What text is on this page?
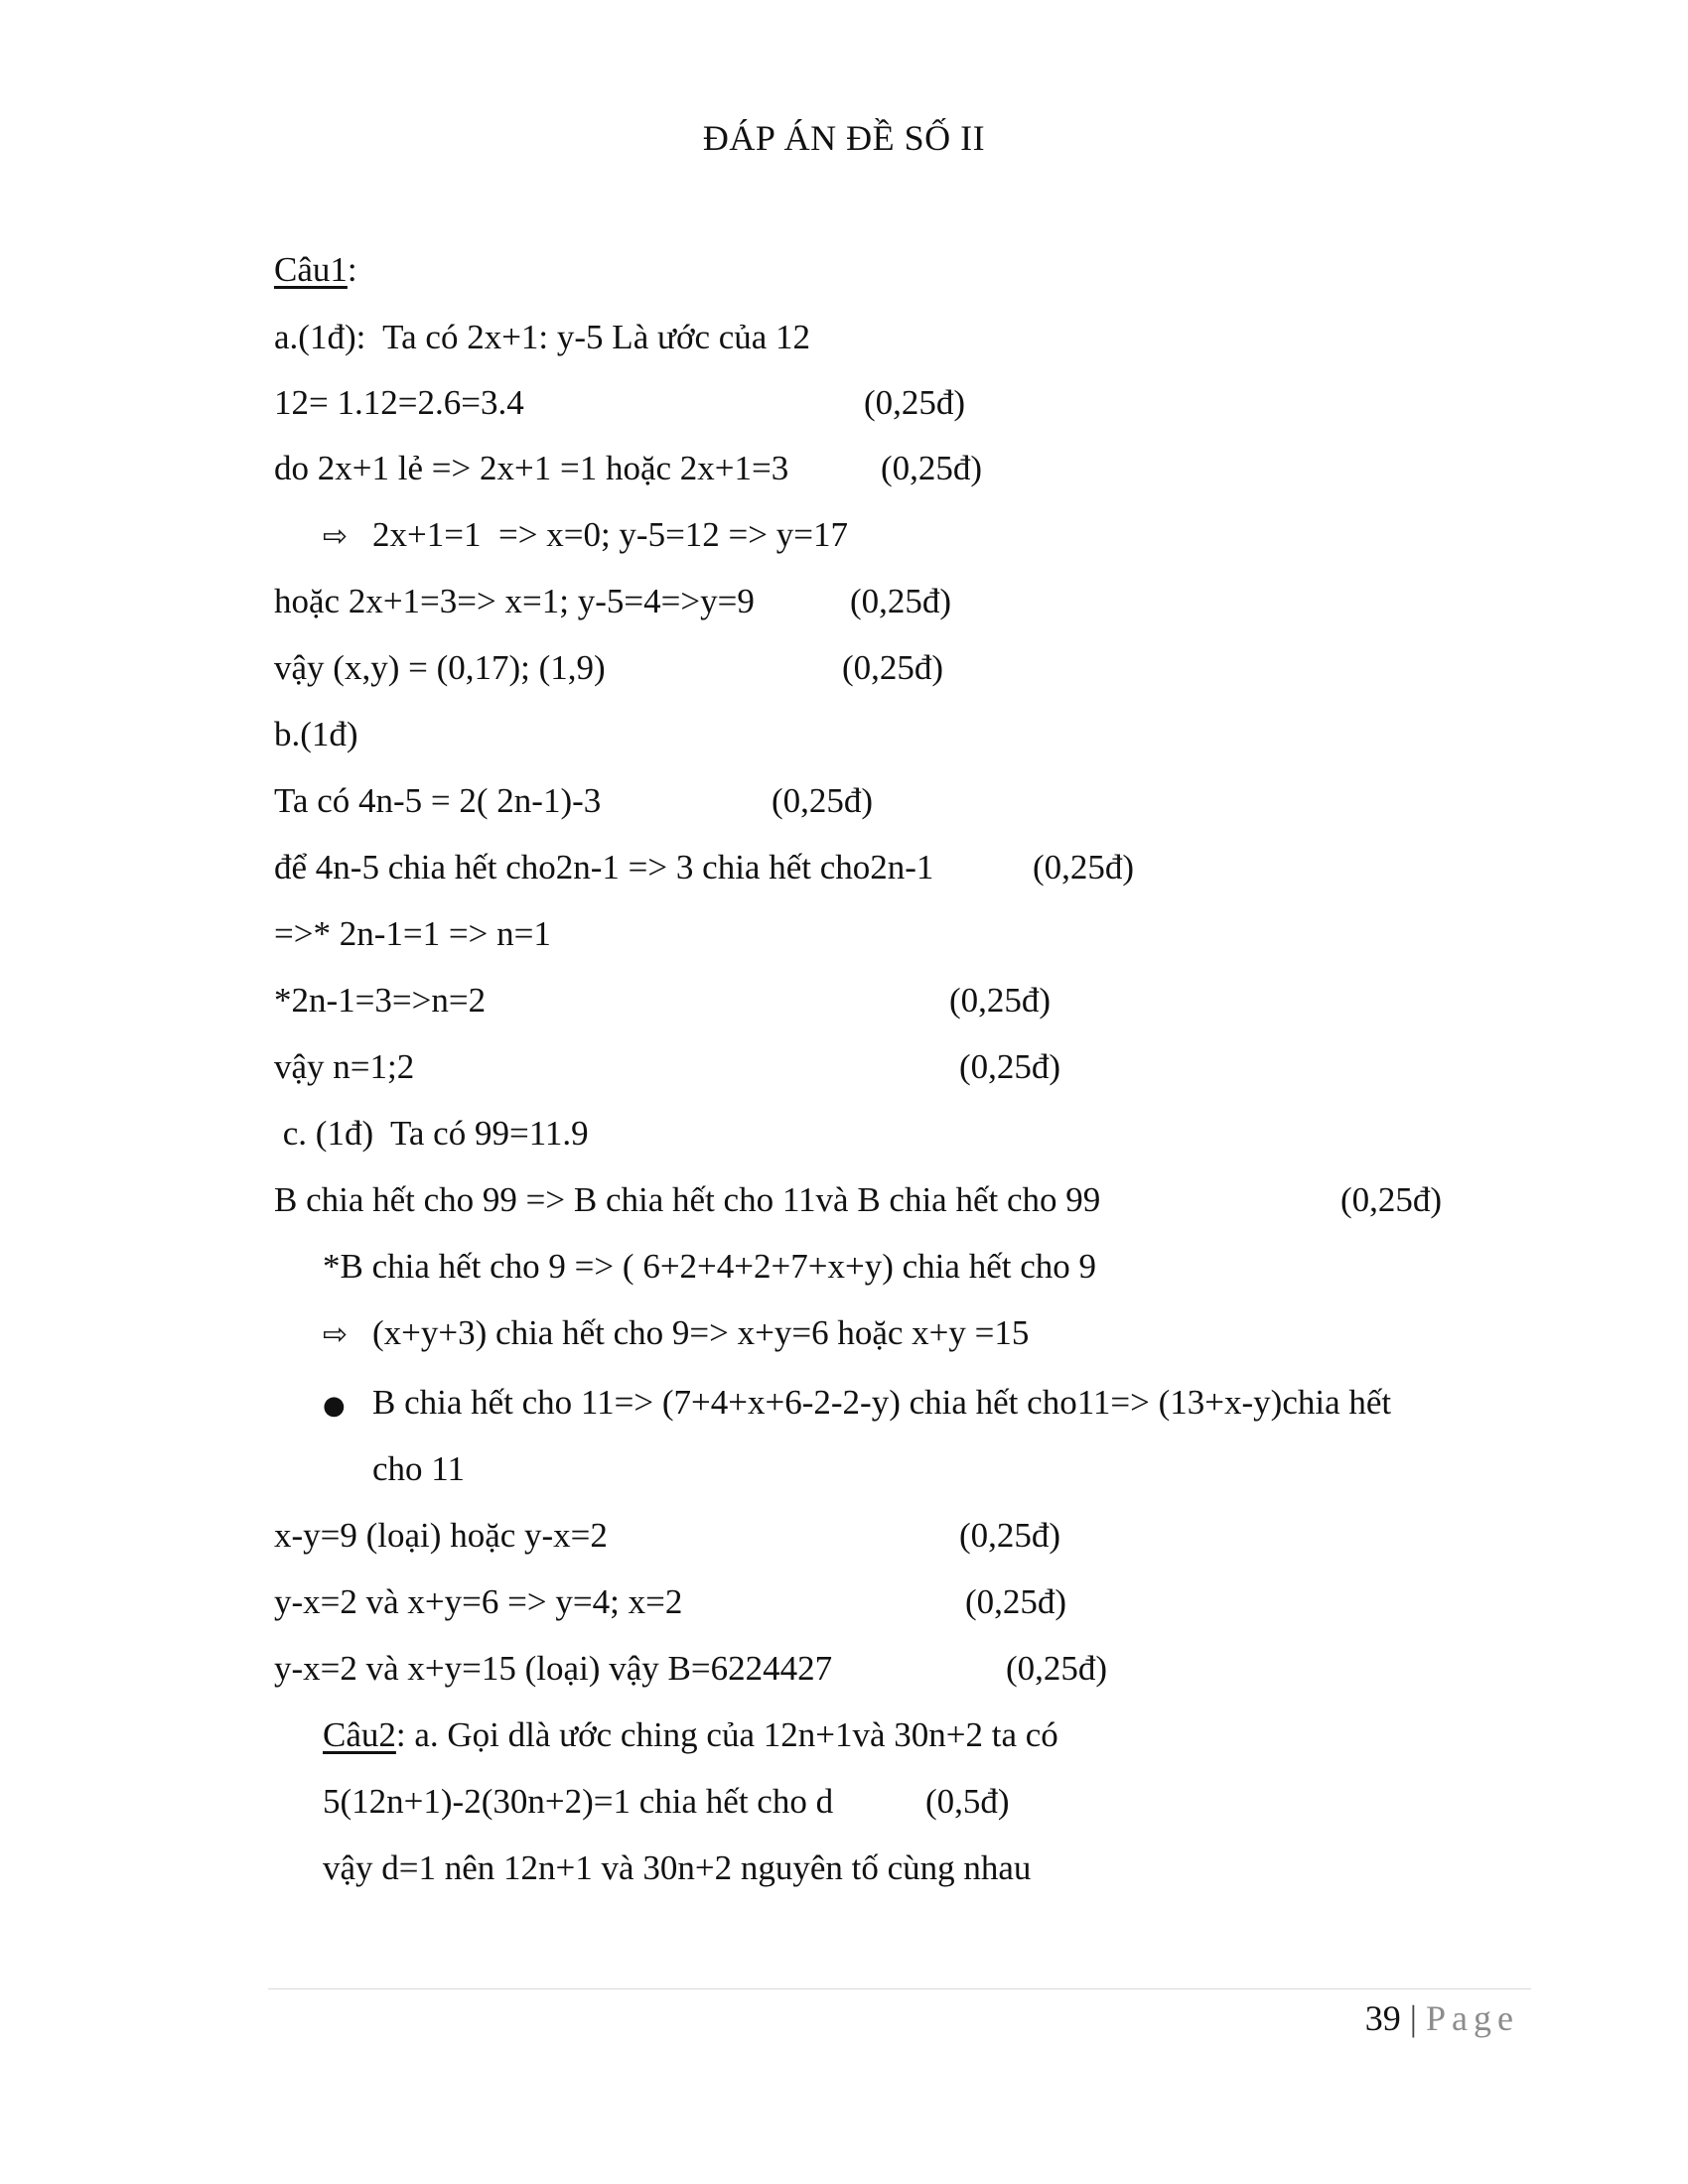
ĐÁP ÁN ĐỀ SỐ II
Câu1:
a.(1đ):  Ta có 2x+1: y-5 Là ước của 12
12= 1.12=2.6=3.4	(0,25đ)
do 2x+1 lẻ => 2x+1 =1 hoặc 2x+1=3	(0,25đ)
⇨ 2x+1=1  => x=0; y-5=12 => y=17
hoặc 2x+1=3=> x=1; y-5=4=>y=9	(0,25đ)
vậy (x,y) = (0,17); (1,9)	(0,25đ)
b.(1đ)
Ta có 4n-5 = 2( 2n-1)-3	(0,25đ)
để 4n-5 chia hết cho2n-1 => 3 chia hết cho2n-1	(0,25đ)
=>* 2n-1=1 => n=1
*2n-1=3=>n=2	(0,25đ)
vậy n=1;2	(0,25đ)
c. (1đ)  Ta có 99=11.9
B chia hết cho 99 => B chia hết cho 11và B chia hết cho 99	(0,25đ)
*B chia hết cho 9 => ( 6+2+4+2+7+x+y) chia hết cho 9
⇨ (x+y+3) chia hết cho 9=> x+y=6 hoặc x+y =15
● B chia hết cho 11=> (7+4+x+6-2-2-y) chia hết cho11=> (13+x-y)chia hết
cho 11
x-y=9 (loại) hoặc y-x=2	(0,25đ)
y-x=2 và x+y=6 => y=4; x=2	(0,25đ)
y-x=2 và x+y=15 (loại) vậy B=6224427	(0,25đ)
Câu2: a. Gọi dlà ước ching của 12n+1và 30n+2 ta có
5(12n+1)-2(30n+2)=1 chia hết cho d	(0,5đ)
vậy d=1 nên 12n+1 và 30n+2 nguyên tố cùng nhau
39 | Page
